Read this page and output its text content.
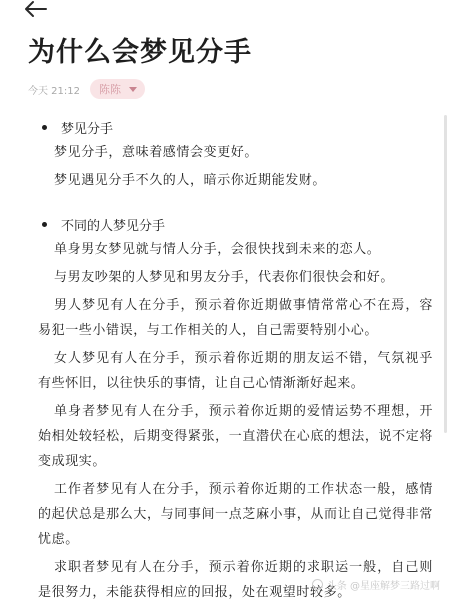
为什么会梦见分手
今天 21:12 陈陈
梦见分手

梦见分手，意味着感情会变更好。

梦见遇见分手不久的人，暗示你近期能发财。

不同的人梦见分手

单身男女梦见就与情人分手，会很快找到未来的恋人。

与男友吵架的人梦见和男友分手，代表你们很快会和好。

男人梦见有人在分手，预示着你近期做事情常常心不在焉，容易犯一些小错误，与工作相关的人，自己需要特别小心。

女人梦见有人在分手，预示着你近期的朋友运不错，气氛视乎有些怀旧，以往快乐的事情，让自己心情渐渐好起来。

单身者梦见有人在分手，预示着你近期的爱情运势不理想，开始相处较轻松，后期变得紧张，一直潜伏在心底的想法，说不定将变成现实。

工作者梦见有人在分手，预示着你近期的工作状态一般，感情的起伏总是那么大，与同事间一点芝麻小事，从而让自己觉得非常忧虑。

求职者梦见有人在分手，预示着你近期的求职运一般，自己则是很努力，未能获得相应的回报，处在观望时较多。

头条 @星座解梦三路过啊
